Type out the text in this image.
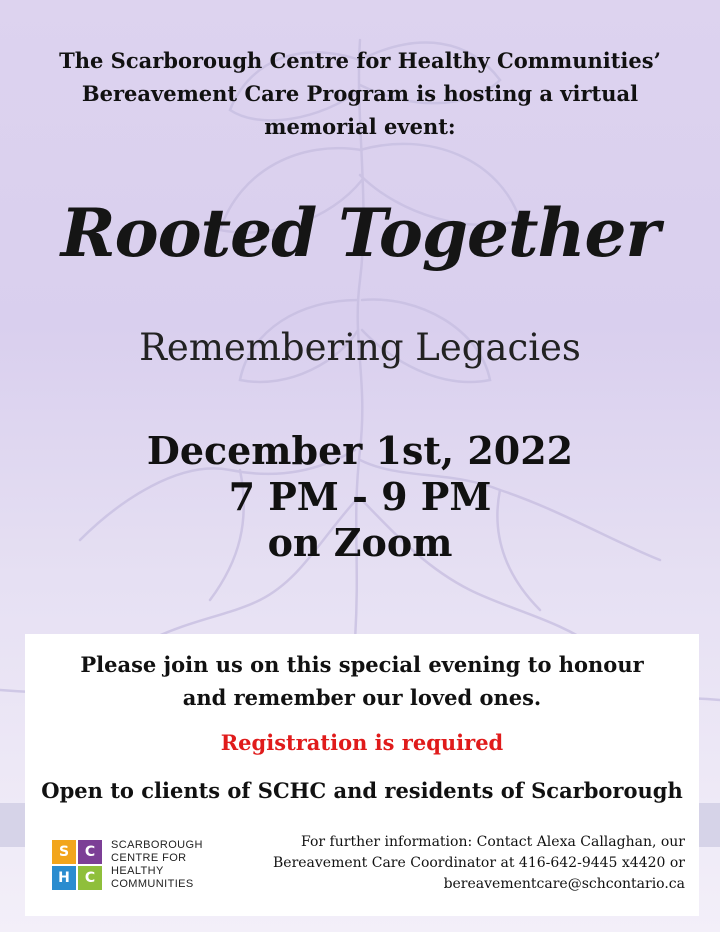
The Scarborough Centre for Healthy Communities’
Bereavement Care Program is hosting a virtual
memorial event:
Rooted Together
Remembering Legacies
December 1st, 2022
7 PM - 9 PM
on Zoom
Please join us on this special evening to honour
and remember our loved ones.
Registration is required
Open to clients of SCHC and residents of Scarborough
S	C
H	C
SCARBOROUGH
CENTRE FOR
HEALTHY
COMMUNITIES
For further information: Contact Alexa Callaghan, our
Bereavement Care Coordinator at 416-642-9445 x4420 or
bereavementcare@schcontario.ca
